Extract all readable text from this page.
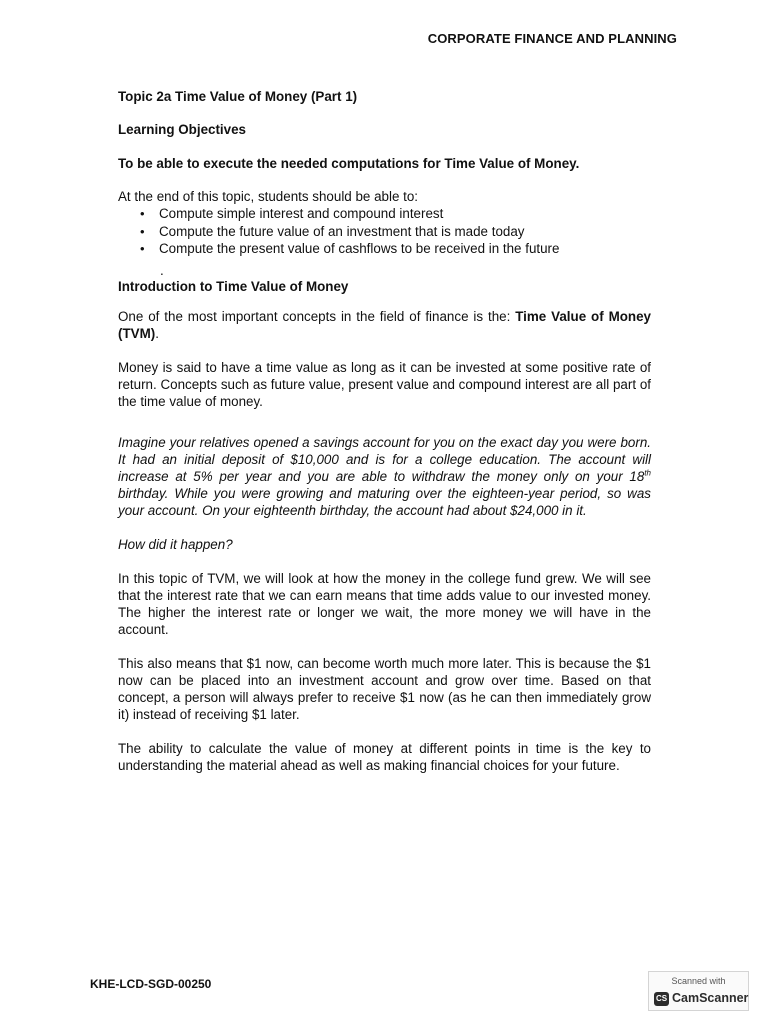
CORPORATE FINANCE AND PLANNING
Topic 2a Time Value of Money (Part 1)
Learning Objectives
To be able to execute the needed computations for Time Value of Money.
At the end of this topic, students should be able to:
• Compute simple interest and compound interest
• Compute the future value of an investment that is made today
• Compute the present value of cashflows to be received in the future
.
Introduction to Time Value of Money

One of the most important concepts in the field of finance is the: Time Value of Money (TVM).

Money is said to have a time value as long as it can be invested at some positive rate of return. Concepts such as future value, present value and compound interest are all part of the time value of money.

Imagine your relatives opened a savings account for you on the exact day you were born. It had an initial deposit of $10,000 and is for a college education. The account will increase at 5% per year and you are able to withdraw the money only on your 18th birthday. While you were growing and maturing over the eighteen-year period, so was your account. On your eighteenth birthday, the account had about $24,000 in it.

How did it happen?

In this topic of TVM, we will look at how the money in the college fund grew. We will see that the interest rate that we can earn means that time adds value to our invested money. The higher the interest rate or longer we wait, the more money we will have in the account.

This also means that $1 now, can become worth much more later. This is because the $1 now can be placed into an investment account and grow over time. Based on that concept, a person will always prefer to receive $1 now (as he can then immediately grow it) instead of receiving $1 later.

The ability to calculate the value of money at different points in time is the key to understanding the material ahead as well as making financial choices for your future.

KHE-LCD-SGD-00250	Scanned with
CS CamScanner
